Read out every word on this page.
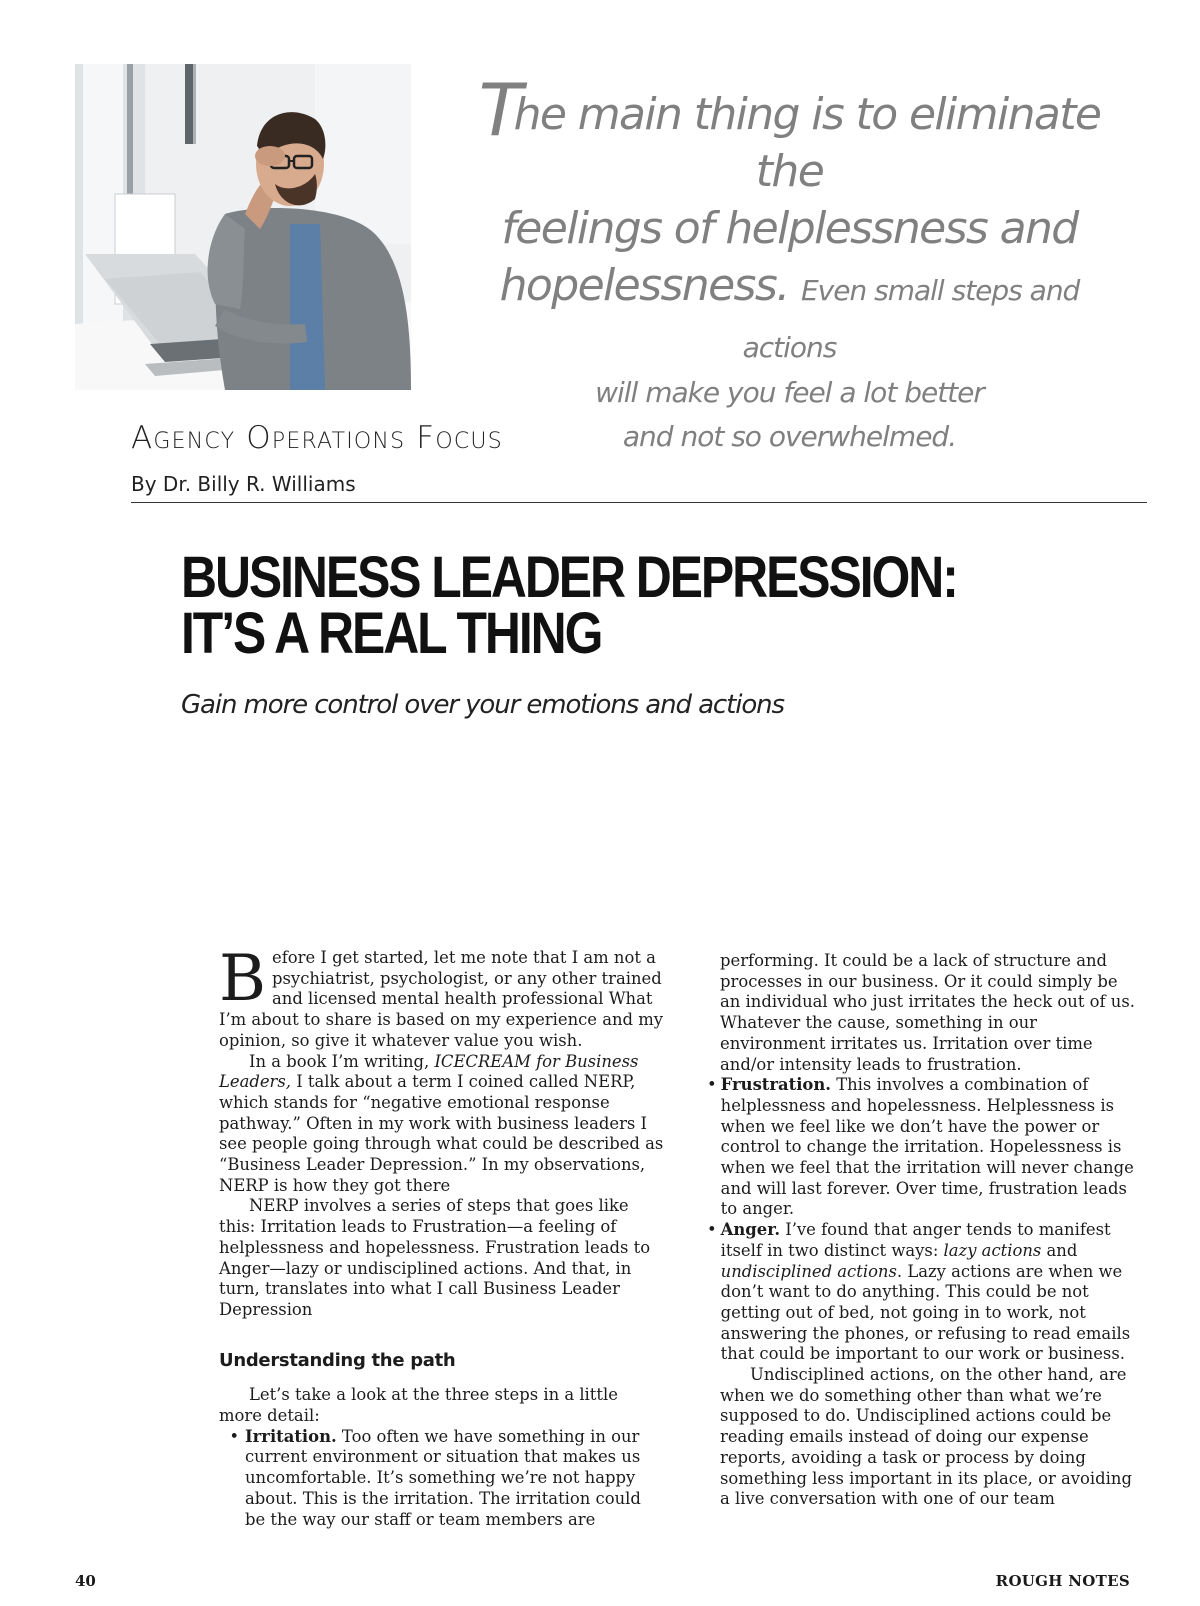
The main thing is to eliminate the
feelings of helplessness and
hopelessness. Even small steps and actions
will make you feel a lot better
and not so overwhelmed.
Agency Operations Focus
By Dr. Billy R. Williams
BUSINESS LEADER DEPRESSION:
IT’S A REAL THING
Gain more control over your emotions and actions

Before I get started, let me note that I am not a psychiatrist, psychologist, or any other trained and licensed mental health professional What I’m about to share is based on my experience and my opinion, so give it whatever value you wish.

In a book I’m writing, ICECREAM for Business Leaders, I talk about a term I coined called NERP, which stands for “negative emotional response pathway.” Often in my work with business leaders I see people going through what could be described as “Business Leader Depression.” In my observations, NERP is how they got there

NERP involves a series of steps that goes like this: Irritation leads to Frustration—a feeling of helplessness and hopelessness. Frustration leads to Anger—lazy or undisciplined actions. And that, in turn, translates into what I call Business Leader Depression

Understanding the path

Let’s take a look at the three steps in a little more detail:

• Irritation. Too often we have something in our current environment or situation that makes us uncomfortable. It’s something we’re not happy about. This is the irritation. The irritation could be the way our staff or team members are

performing. It could be a lack of structure and processes in our business. Or it could simply be an individual who just irritates the heck out of us. Whatever the cause, something in our environment irritates us. Irritation over time and/or intensity leads to frustration.

• Frustration. This involves a combination of helplessness and hopelessness. Helplessness is when we feel like we don’t have the power or control to change the irritation. Hopelessness is when we feel that the irritation will never change and will last forever. Over time, frustration leads to anger.
• Anger. I’ve found that anger tends to manifest itself in two distinct ways: lazy actions and undisciplined actions. Lazy actions are when we don’t want to do anything. This could be not getting out of bed, not going in to work, not answering the phones, or refusing to read emails that could be important to our work or business.

Undisciplined actions, on the other hand, are when we do something other than what we’re supposed to do. Undisciplined actions could be reading emails instead of doing our expense reports, avoiding a task or process by doing something less important in its place, or avoiding a live conversation with one of our team

40	ROUGH NOTES
